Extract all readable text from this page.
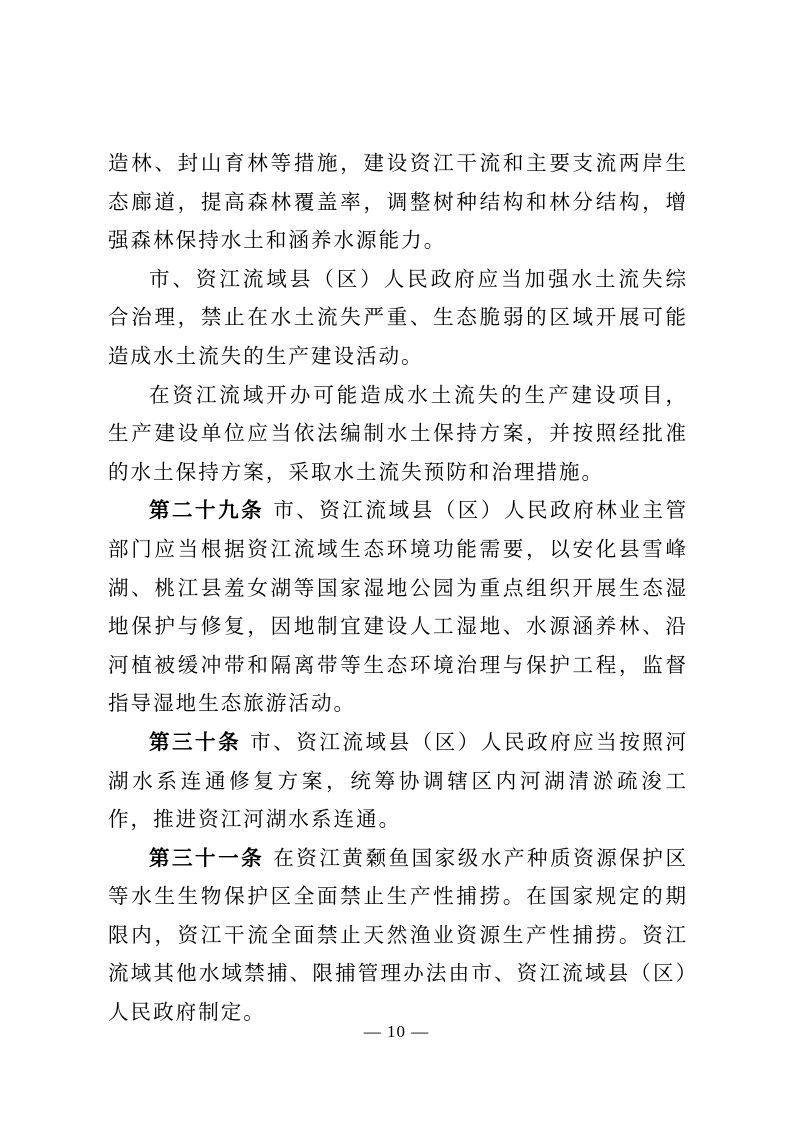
造林、封山育林等措施，建设资江干流和主要支流两岸生态廊道，提高森林覆盖率，调整树种结构和林分结构，增强森林保持水土和涵养水源能力。

市、资江流域县（区）人民政府应当加强水土流失综合治理，禁止在水土流失严重、生态脆弱的区域开展可能造成水土流失的生产建设活动。

在资江流域开办可能造成水土流失的生产建设项目，生产建设单位应当依法编制水土保持方案，并按照经批准的水土保持方案，采取水土流失预防和治理措施。

第二十九条 市、资江流域县（区）人民政府林业主管部门应当根据资江流域生态环境功能需要，以安化县雪峰湖、桃江县羞女湖等国家湿地公园为重点组织开展生态湿地保护与修复，因地制宜建设人工湿地、水源涵养林、沿河植被缓冲带和隔离带等生态环境治理与保护工程，监督指导湿地生态旅游活动。

第三十条 市、资江流域县（区）人民政府应当按照河湖水系连通修复方案，统筹协调辖区内河湖清淤疏浚工作，推进资江河湖水系连通。

第三十一条 在资江黄颡鱼国家级水产种质资源保护区等水生生物保护区全面禁止生产性捕捞。在国家规定的期限内，资江干流全面禁止天然渔业资源生产性捕捞。资江流域其他水域禁捕、限捕管理办法由市、资江流域县（区）人民政府制定。

— 10 —
